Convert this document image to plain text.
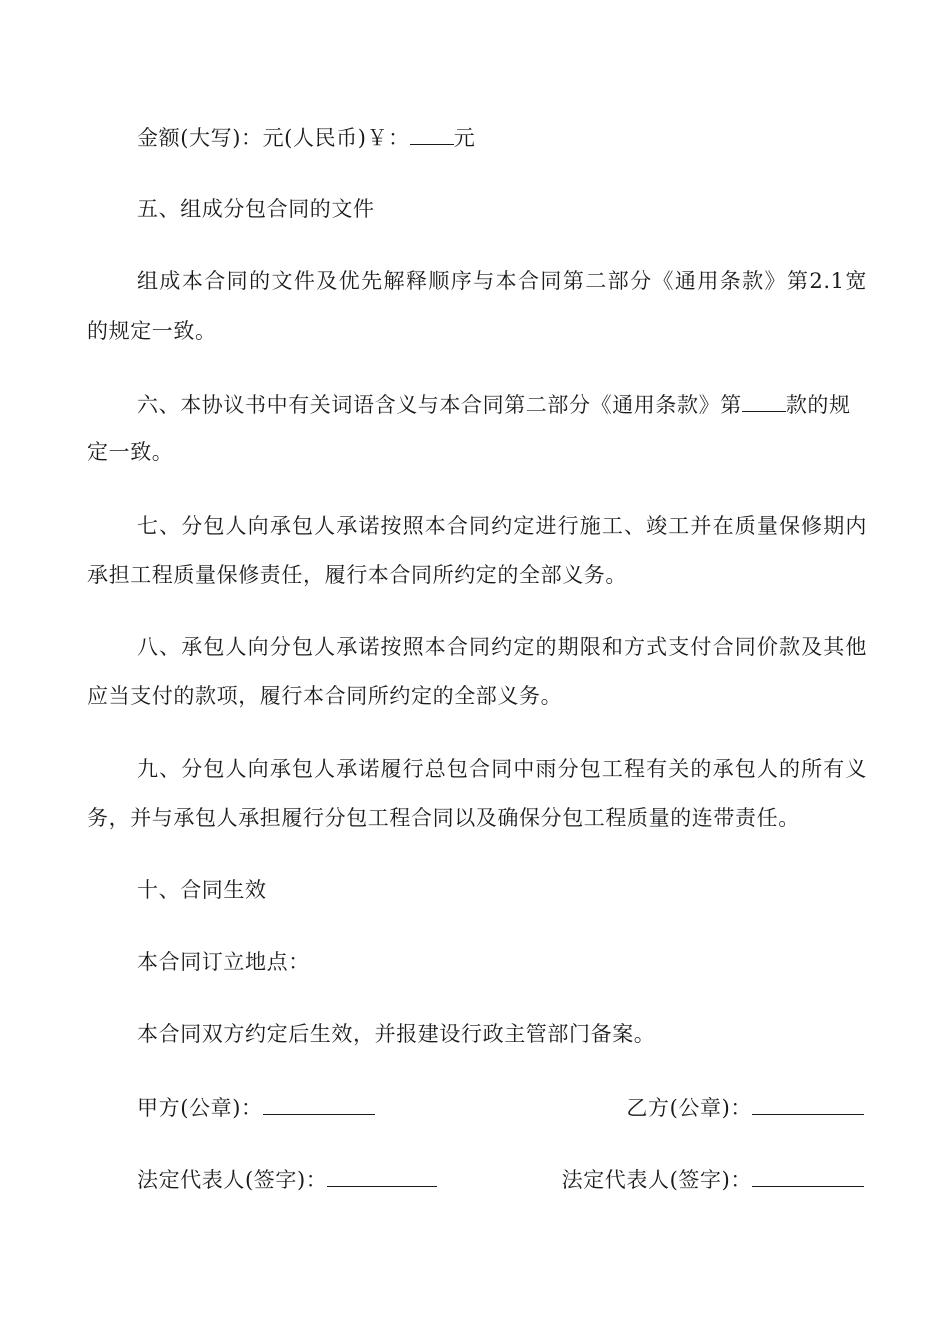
金额(大写)：元(人民币)￥： 元
五、组成分包合同的文件
组成本合同的文件及优先解释顺序与本合同第二部分《通用条款》第2.1宽
的规定一致。
六、本协议书中有关词语含义与本合同第二部分《通用条款》第 款的规
定一致。
七、分包人向承包人承诺按照本合同约定进行施工、竣工并在质量保修期内
承担工程质量保修责任，履行本合同所约定的全部义务。
八、承包人向分包人承诺按照本合同约定的期限和方式支付合同价款及其他
应当支付的款项，履行本合同所约定的全部义务。
九、分包人向承包人承诺履行总包合同中雨分包工程有关的承包人的所有义
务，并与承包人承担履行分包工程合同以及确保分包工程质量的连带责任。
十、合同生效
本合同订立地点：
本合同双方约定后生效，并报建设行政主管部门备案。
甲方(公章)：	乙方(公章)：
法定代表人(签字)：	法定代表人(签字)：
